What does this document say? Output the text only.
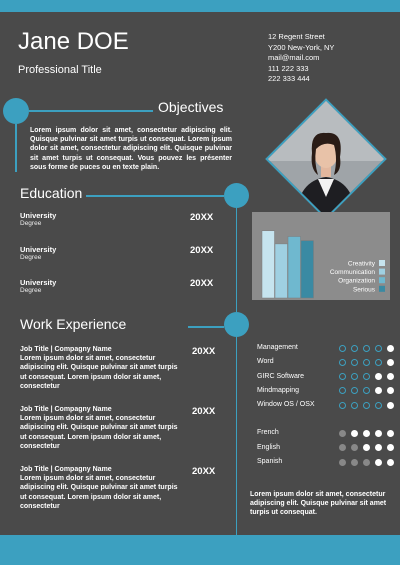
Jane DOE
Professional Title
12 Regent Street
Y200 New-York, NY
mail@mail.com
111 222 333
222 333 444
Objectives
Lorem ipsum dolor sit amet, consectetur adipiscing elit. Quisque pulvinar sit amet turpis ut consequat. Lorem ipsum dolor sit amet, consectetur adipiscing elit. Quisque pulvinar sit amet turpis ut consequat. Vous pouvez les présenter sous forme de puces ou en texte plain.
Education
University
Degree
20XX
University
Degree
20XX
University
Degree
20XX
Creativity
Communication
Organization
Serious
Work Experience
Job Title | Compagny Name
Lorem ipsum dolor sit amet, consectetur adipiscing elit. Quisque pulvinar sit amet turpis ut consequat. Lorem ipsum dolor sit amet, consectetur
20XX
Job Title | Compagny Name
Lorem ipsum dolor sit amet, consectetur adipiscing elit. Quisque pulvinar sit amet turpis ut consequat. Lorem ipsum dolor sit amet, consectetur
20XX
Job Title | Compagny Name
Lorem ipsum dolor sit amet, consectetur adipiscing elit. Quisque pulvinar sit amet turpis ut consequat. Lorem ipsum dolor sit amet, consectetur
20XX
Management
Word
GIRC Software
Mindmapping
Window OS / OSX
French
English
Spanish
Lorem ipsum dolor sit amet, consectetur adipiscing elit. Quisque pulvinar sit amet turpis ut consequat.
